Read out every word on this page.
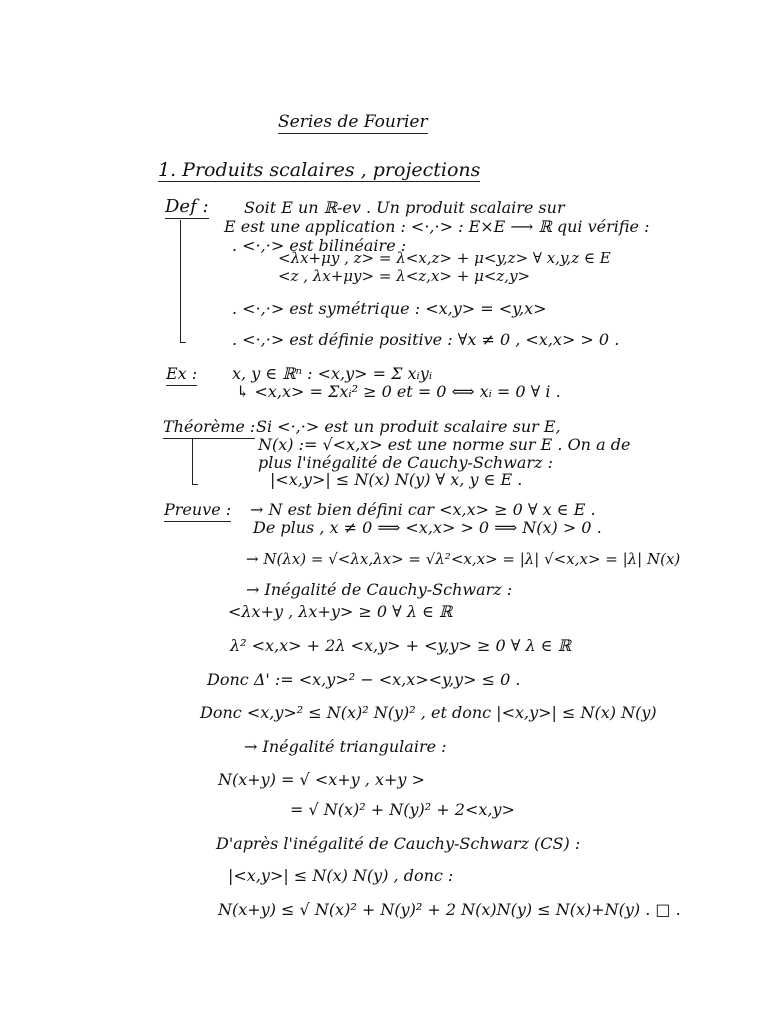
Series de Fourier
1. Produits scalaires , projections
Def : Soit E un ℝ-ev . Un produit scalaire sur
E est une application : <·,·> : E×E ⟶ ℝ qui vérifie :
. <·,·> est bilinéaire :
<λx+μy , z> = λ<x,z> + μ<y,z> ∀ x,y,z ∈ E
<z , λx+μy> = λ<z,x> + μ<z,y>
. <·,·> est symétrique : <x,y> = <y,x>
. <·,·> est définie positive : ∀x ≠ 0 , <x,x> > 0 .
Ex : x, y ∈ ℝⁿ : <x,y> = Σ xᵢyᵢ
↳ <x,x> = Σxᵢ² ≥ 0 et = 0 ⟺ xᵢ = 0 ∀ i .
Théorème : Si <·,·> est un produit scalaire sur E,
N(x) := √<x,x> est une norme sur E . On a de
plus l'inégalité de Cauchy-Schwarz :
|<x,y>| ≤ N(x) N(y) ∀ x, y ∈ E .
Preuve : → N est bien défini car <x,x> ≥ 0 ∀ x ∈ E .
De plus , x ≠ 0 ⟹ <x,x> > 0 ⟹ N(x) > 0 .
→ N(λx) = √<λx,λx> = √λ²<x,x> = |λ| √<x,x> = |λ| N(x)
→ Inégalité de Cauchy-Schwarz :
<λx+y , λx+y> ≥ 0 ∀ λ ∈ ℝ
λ² <x,x> + 2λ <x,y> + <y,y> ≥ 0 ∀ λ ∈ ℝ
Donc Δ' := <x,y>² − <x,x><y,y> ≤ 0 .
Donc <x,y>² ≤ N(x)² N(y)² , et donc |<x,y>| ≤ N(x) N(y)
→ Inégalité triangulaire :
N(x+y) = √ <x+y , x+y >
= √ N(x)² + N(y)² + 2<x,y>
D'après l'inégalité de Cauchy-Schwarz (CS) :
|<x,y>| ≤ N(x) N(y) , donc :
N(x+y) ≤ √ N(x)² + N(y)² + 2 N(x)N(y) ≤ N(x)+N(y) . □ .
